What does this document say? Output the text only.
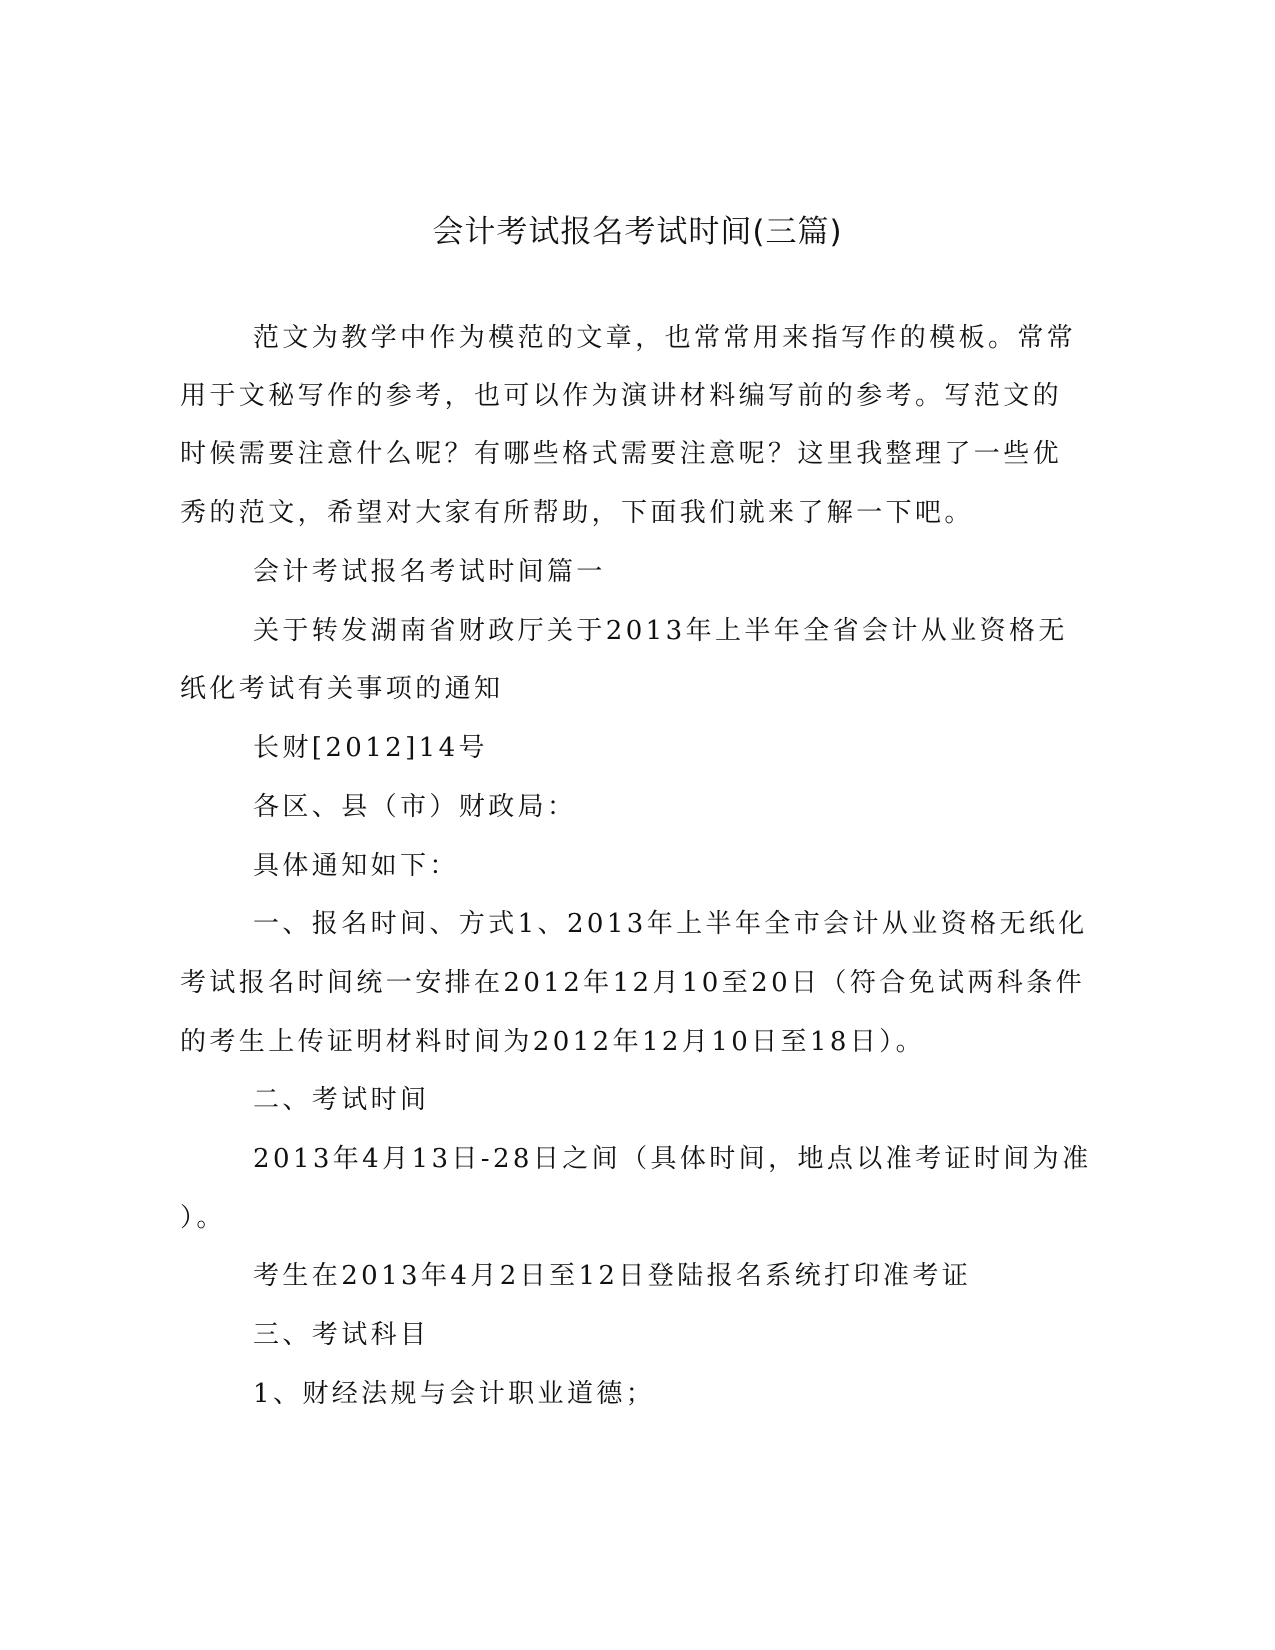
会计考试报名考试时间(三篇)
范文为教学中作为模范的文章，也常常用来指写作的模板。常常
用于文秘写作的参考，也可以作为演讲材料编写前的参考。写范文的
时候需要注意什么呢？有哪些格式需要注意呢？这里我整理了一些优
秀的范文，希望对大家有所帮助，下面我们就来了解一下吧。
会计考试报名考试时间篇一
关于转发湖南省财政厅关于2013年上半年全省会计从业资格无
纸化考试有关事项的通知
长财[2012]14号
各区、县（市）财政局：
具体通知如下：
一、报名时间、方式1、2013年上半年全市会计从业资格无纸化
考试报名时间统一安排在2012年12月10至20日（符合免试两科条件
的考生上传证明材料时间为2012年12月10日至18日）。
二、考试时间
2013年4月13日-28日之间（具体时间，地点以准考证时间为准
）。
考生在2013年4月2日至12日登陆报名系统打印准考证
三、考试科目
1、财经法规与会计职业道德；
